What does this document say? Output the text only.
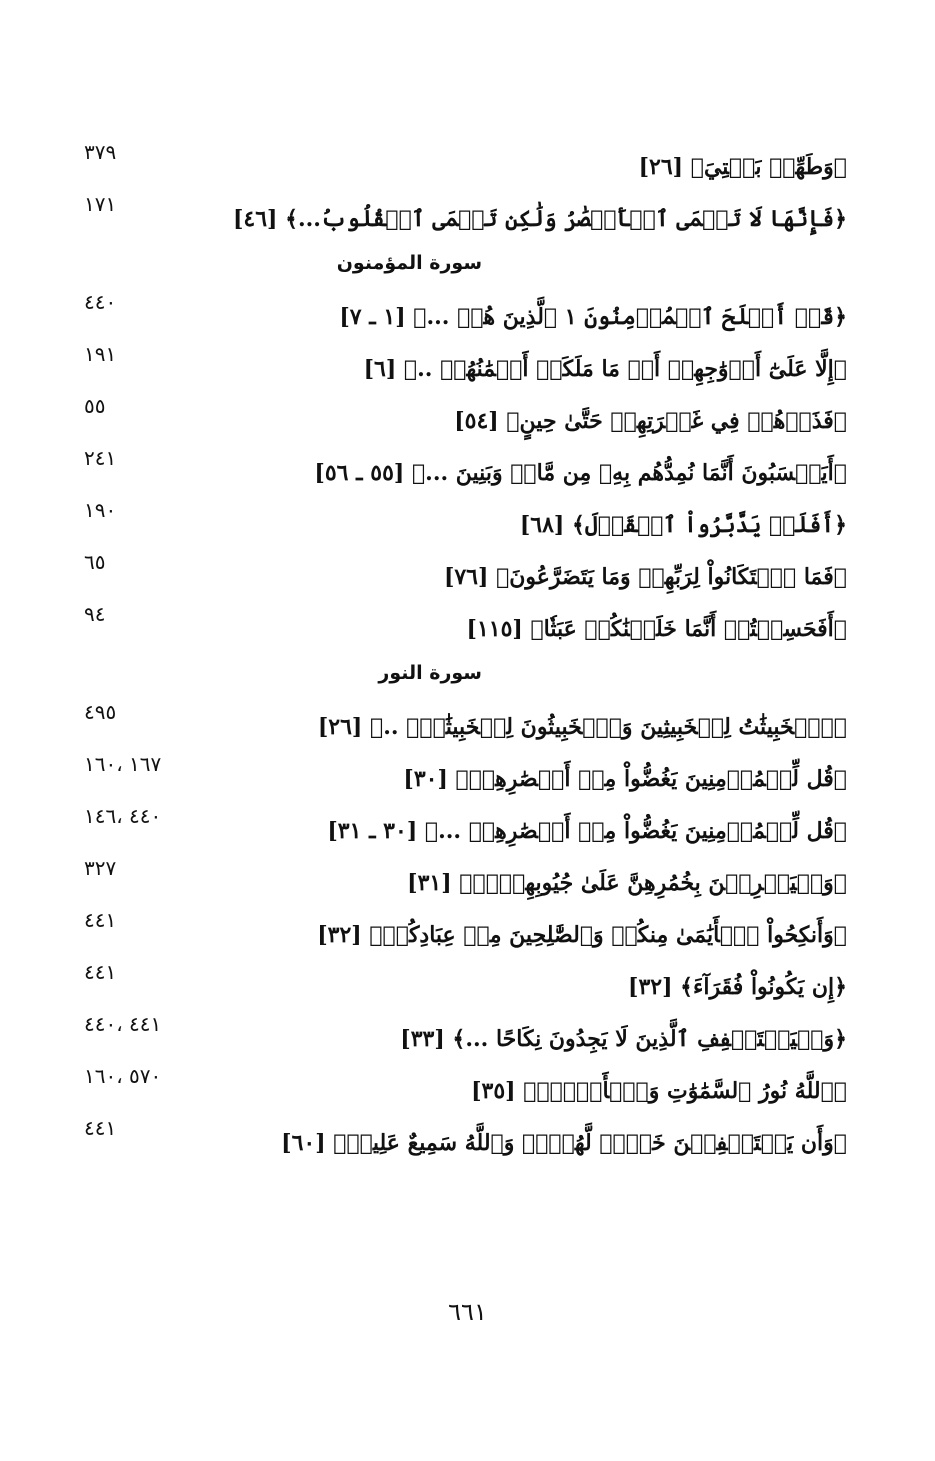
﴿وَطَهِّرۡ بَيۡتِيَ﴾ [٢٦]
٣٧٩
﴿فَإِنَّهَا لَا تَعۡمَى ٱلۡأَبۡصَٰرُ وَلَٰكِن تَعۡمَى ٱلۡقُلُوبُ...﴾ [٤٦]
١٧١
سورة المؤمنون
﴿قَدۡ أَفۡلَحَ ٱلۡمُؤۡمِنُونَ ١ ٱلَّذِينَ هُمۡ ...﴾ [١ ـ ٧]
٤٤٠
﴿إِلَّا عَلَىٰٓ أَزۡوَٰجِهِمۡ أَوۡ مَا مَلَكَتۡ أَيۡمَٰنُهُمۡ ..﴾ [٦]
١٩١
﴿فَذَرۡهُمۡ فِي غَمۡرَتِهِمۡ حَتَّىٰ حِينٍ﴾ [٥٤]
٥٥
﴿أَيَحۡسَبُونَ أَنَّمَا نُمِدُّهُم بِهِۦ مِن مَّالٖ وَبَنِينَ ...﴾ [٥٥ ـ ٥٦]
٢٤١
﴿أَفَلَمۡ يَدَّبَّرُواْ ٱلۡقَوۡلَ﴾ [٦٨]
١٩٠
﴿فَمَا ٱسۡتَكَانُواْ لِرَبِّهِمۡ وَمَا يَتَضَرَّعُونَ﴾ [٧٦]
٦٥
﴿أَفَحَسِبۡتُمۡ أَنَّمَا خَلَقۡنَٰكُمۡ عَبَثٗا﴾ [١١٥]
٩٤
سورة النور
﴿ٱلۡخَبِيثَٰتُ لِلۡخَبِيثِينَ وَٱلۡخَبِيثُونَ لِلۡخَبِيثَٰتِۖ ..﴾ [٢٦]
٤٩٥
﴿قُل لِّلۡمُؤۡمِنِينَ يَغُضُّواْ مِنۡ أَبۡصَٰرِهِمۡ﴾ [٣٠]
١٦٧ ،١٦٠
﴿قُل لِّلۡمُؤۡمِنِينَ يَغُضُّواْ مِنۡ أَبۡصَٰرِهِمۡ ...﴾ [٣٠ ـ ٣١]
٤٤٠ ،١٤٦
﴿وَلۡيَضۡرِبۡنَ بِخُمُرِهِنَّ عَلَىٰ جُيُوبِهِنَّۖ﴾ [٣١]
٣٢٧
﴿وَأَنكِحُواْ ٱلۡأَيَٰمَىٰ مِنكُمۡ وَٱلصَّٰلِحِينَ مِنۡ عِبَادِكُمۡ﴾ [٣٢]
٤٤١
﴿إِن يَكُونُواْ فُقَرَآءَ﴾ [٣٢]
٤٤١
﴿وَلۡيَسۡتَعۡفِفِ ٱلَّذِينَ لَا يَجِدُونَ نِكَاحًا ...﴾ [٣٣]
٤٤١ ،٤٤٠
﴿ٱللَّهُ نُورُ ٱلسَّمَٰوَٰتِ وَٱلۡأَرۡضِۚ﴾ [٣٥]
٥٧٠ ،١٦٠
﴿وَأَن يَسۡتَعۡفِفۡنَ خَيۡرٞ لَّهُنَّۗ وَٱللَّهُ سَمِيعٌ عَلِيمٞ﴾ [٦٠]
٤٤١
٦٦١
